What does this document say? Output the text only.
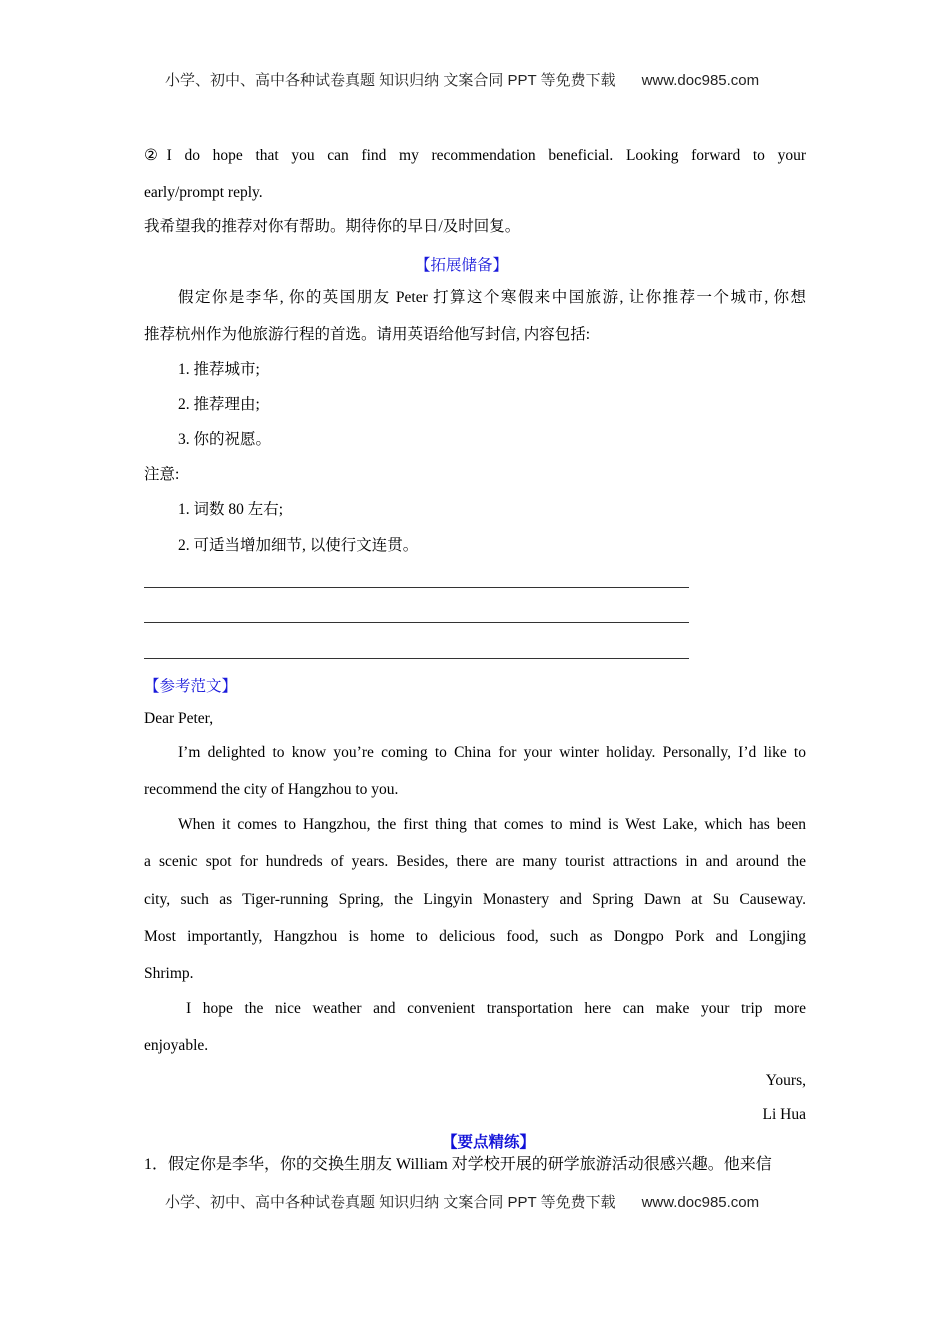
小学、初中、高中各种试卷真题 知识归纳 文案合同 PPT 等免费下载 www.doc985.com
②I do hope that you can find my recommendation beneficial. Looking forward to your
early/prompt reply.
我希望我的推荐对你有帮助。期待你的早日/及时回复。
【拓展储备】
假定你是李华, 你的英国朋友 Peter 打算这个寒假来中国旅游, 让你推荐一个城市, 你想
推荐杭州作为他旅游行程的首选。请用英语给他写封信, 内容包括:
1. 推荐城市;
2. 推荐理由;
3. 你的祝愿。
注意:
1. 词数 80 左右;
2. 可适当增加细节, 以使行文连贯。
【参考范文】
Dear Peter,
I’m delighted to know you’re coming to China for your winter holiday. Personally, I’d like to
recommend the city of Hangzhou to you.
When it comes to Hangzhou, the first thing that comes to mind is West Lake, which has been
a scenic spot for hundreds of years. Besides, there are many tourist attractions in and around the
city, such as Tiger-running Spring, the Lingyin Monastery and Spring Dawn at Su Causeway.
Most importantly, Hangzhou is home to delicious food, such as Dongpo Pork and Longjing
Shrimp.
I hope the nice weather and convenient transportation here can make your trip more
enjoyable.
Yours,
Li Hua
【要点精练】
1．假定你是李华，你的交换生朋友 William 对学校开展的研学旅游活动很感兴趣。他来信
小学、初中、高中各种试卷真题 知识归纳 文案合同 PPT 等免费下载 www.doc985.com
